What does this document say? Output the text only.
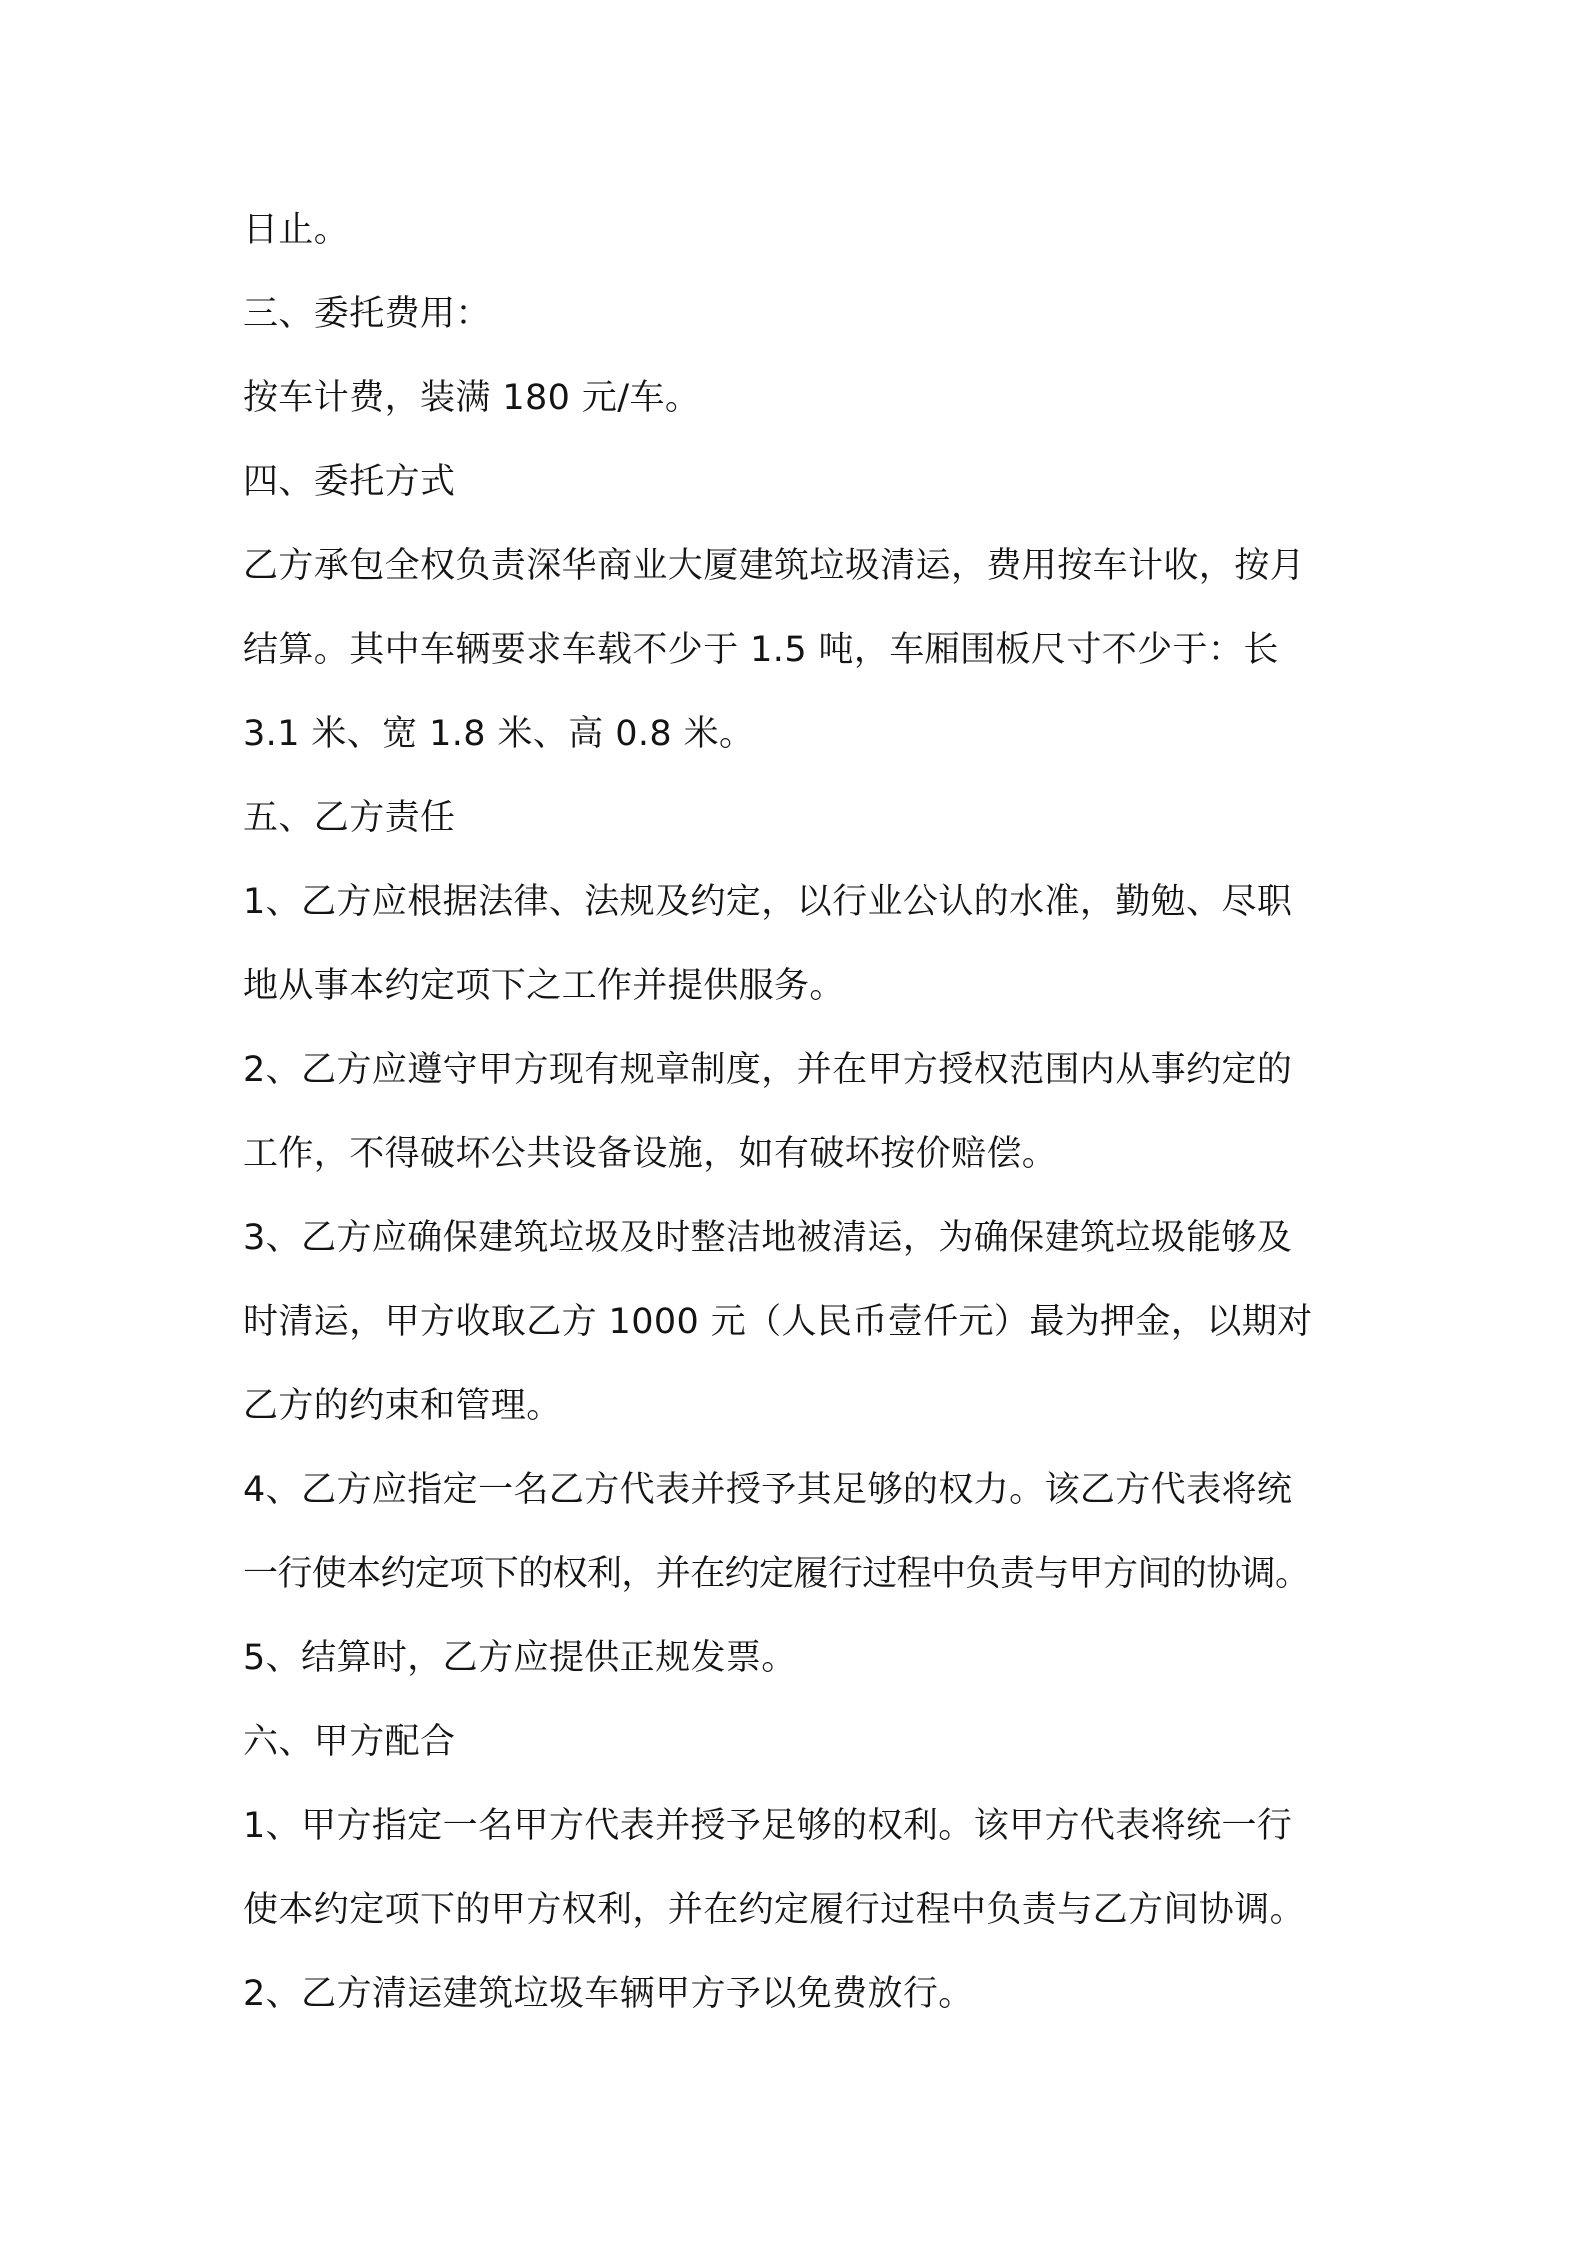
日止。
三、委托费用：
按车计费，装满 180 元/车。
四、委托方式
乙方承包全权负责深华商业大厦建筑垃圾清运，费用按车计收，按月
结算。其中车辆要求车载不少于 1.5 吨，车厢围板尺寸不少于：长
3.1 米、宽 1.8 米、高 0.8 米。
五、乙方责任
1、乙方应根据法律、法规及约定，以行业公认的水准，勤勉、尽职
地从事本约定项下之工作并提供服务。
2、乙方应遵守甲方现有规章制度，并在甲方授权范围内从事约定的
工作，不得破坏公共设备设施，如有破坏按价赔偿。
3、乙方应确保建筑垃圾及时整洁地被清运，为确保建筑垃圾能够及
时清运，甲方收取乙方 1000 元（人民币壹仟元）最为押金，以期对
乙方的约束和管理。
4、乙方应指定一名乙方代表并授予其足够的权力。该乙方代表将统
一行使本约定项下的权利，并在约定履行过程中负责与甲方间的协调。
5、结算时，乙方应提供正规发票。
六、甲方配合
1、甲方指定一名甲方代表并授予足够的权利。该甲方代表将统一行
使本约定项下的甲方权利，并在约定履行过程中负责与乙方间协调。
2、乙方清运建筑垃圾车辆甲方予以免费放行。
